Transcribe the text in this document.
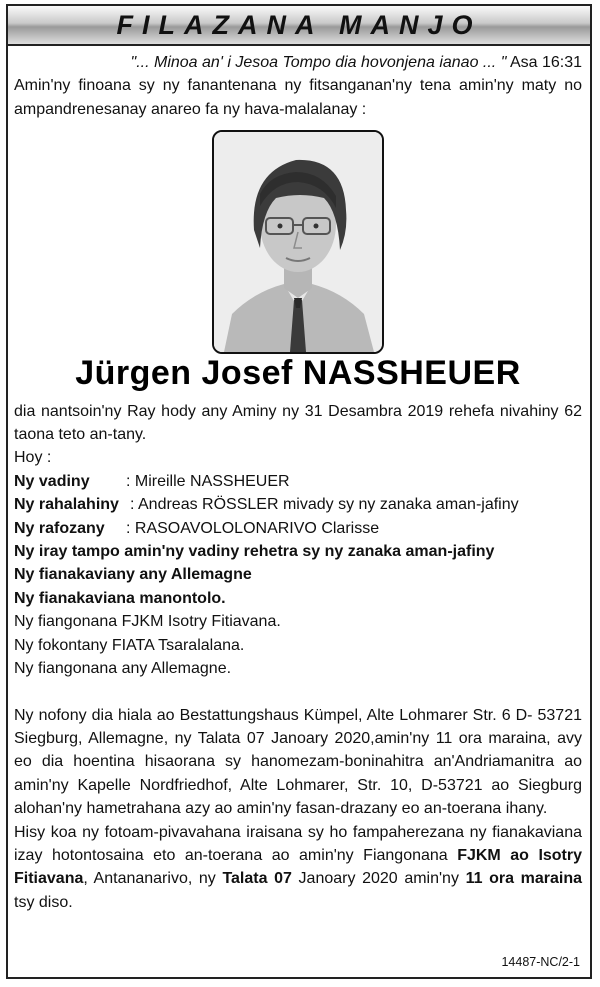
FILAZANA MANJO
"... Minoa an' i Jesoa Tompo dia hovonjena ianao ... " Asa 16:31

Amin'ny finoana sy ny fanantenana ny fitsanganan'ny tena amin'ny maty no ampandrenesanay anareo fa ny hava-malalanay :

Jürgen Josef NASSHEUER

dia nantsoin'ny Ray hody any Aminy ny 31 Desambra 2019 rehefa nivahiny 62 taona teto an-tany.

Hoy :
Ny vadiny	: Mireille NASSHEUER
Ny rahalahiny : Andreas RÖSSLER mivady sy ny zanaka aman-jafiny
Ny rafozany	: RASOAVOLOLONARIVO Clarisse
Ny iray tampo amin'ny vadiny rehetra sy ny zanaka aman-jafiny
Ny fianakaviany any Allemagne
Ny fianakaviana manontolo.
Ny fiangonana FJKM Isotry Fitiavana.
Ny fokontany FIATA Tsaralalana.
Ny fiangonana any Allemagne.

Ny nofony dia hiala ao Bestattungshaus Kümpel, Alte Lohmarer Str. 6 D- 53721 Siegburg, Allemagne, ny Talata 07 Janoary 2020,amin'ny 11 ora maraina, avy eo dia hoentina hisaorana sy hanomezam-boninahitra an'Andriamanitra ao amin'ny Kapelle Nordfriedhof, Alte Lohmarer, Str. 10, D-53721 ao Siegburg alohan'ny hametrahana azy ao amin'ny fasan-drazany eo an-toerana ihany.

Hisy koa ny fotoam-pivavahana iraisana sy ho fampaherezana ny fianakaviana izay hotontosaina eto an-toerana ao amin'ny Fiangonana FJKM ao Isotry Fitiavana, Antananarivo, ny Talata 07 Janoary 2020 amin'ny 11 ora maraina tsy diso.

14487-NC/2-1
